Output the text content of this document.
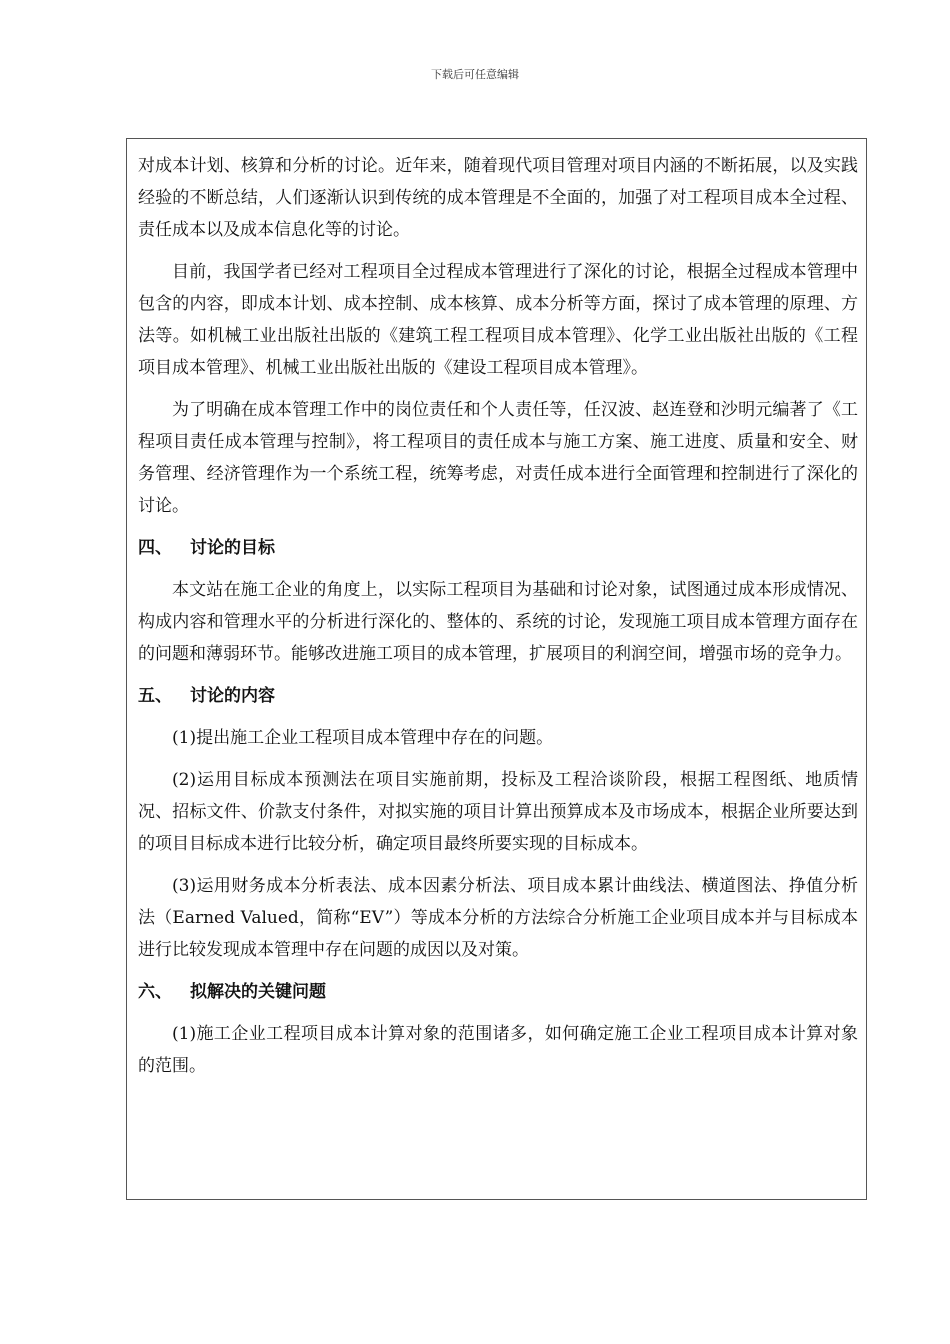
下载后可任意编辑

对成本计划、核算和分析的讨论。近年来，随着现代项目管理对项目内涵的不断拓展，以及实践经验的不断总结，人们逐渐认识到传统的成本管理是不全面的，加强了对工程项目成本全过程、责任成本以及成本信息化等的讨论。

目前，我国学者已经对工程项目全过程成本管理进行了深化的讨论，根据全过程成本管理中包含的内容，即成本计划、成本控制、成本核算、成本分析等方面，探讨了成本管理的原理、方法等。如机械工业出版社出版的《建筑工程工程项目成本管理》、化学工业出版社出版的《工程项目成本管理》、机械工业出版社出版的《建设工程项目成本管理》。

为了明确在成本管理工作中的岗位责任和个人责任等，任汉波、赵连登和沙明元编著了《工程项目责任成本管理与控制》，将工程项目的责任成本与施工方案、施工进度、质量和安全、财务管理、经济管理作为一个系统工程，统筹考虑，对责任成本进行全面管理和控制进行了深化的讨论。

四、 讨论的目标

本文站在施工企业的角度上，以实际工程项目为基础和讨论对象，试图通过成本形成情况、构成内容和管理水平的分析进行深化的、整体的、系统的讨论，发现施工项目成本管理方面存在的问题和薄弱环节。能够改进施工项目的成本管理，扩展项目的利润空间，增强市场的竞争力。

五、 讨论的内容

(1)提出施工企业工程项目成本管理中存在的问题。

(2)运用目标成本预测法在项目实施前期，投标及工程洽谈阶段，根据工程图纸、地质情况、招标文件、价款支付条件，对拟实施的项目计算出预算成本及市场成本，根据企业所要达到的项目目标成本进行比较分析，确定项目最终所要实现的目标成本。

(3)运用财务成本分析表法、成本因素分析法、项目成本累计曲线法、横道图法、挣值分析法（Earned Valued，简称“EV”）等成本分析的方法综合分析施工企业项目成本并与目标成本进行比较发现成本管理中存在问题的成因以及对策。

六、 拟解决的关键问题

(1)施工企业工程项目成本计算对象的范围诸多，如何确定施工企业工程项目成本计算对象的范围。
